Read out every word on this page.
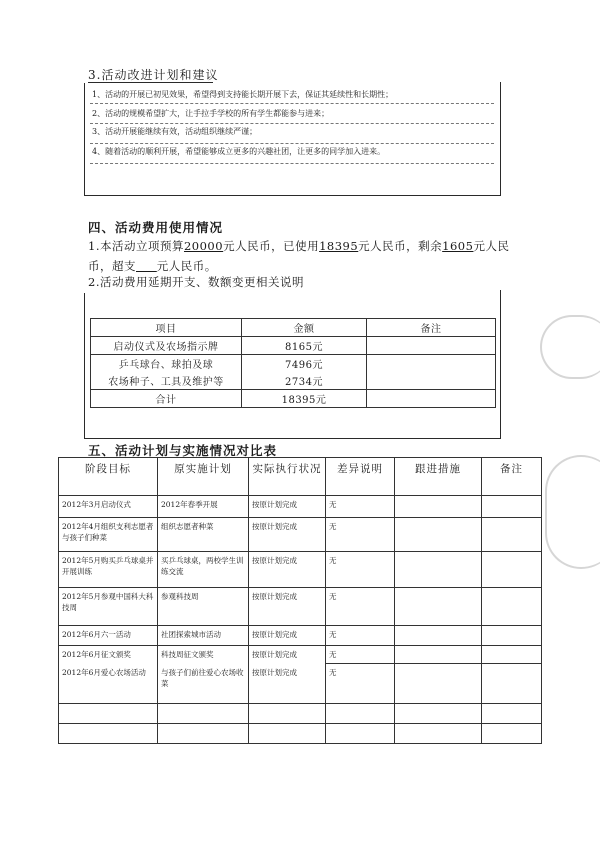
3.活动改进计划和建议
1、活动的开展已初见效果，希望得到支持能长期开展下去，保证其延续性和长期性；
2、活动的规模希望扩大，让手拉手学校的所有学生都能参与进来；
3、活动开展能继续有效，活动组织继续严谨；
4、随着活动的顺利开展，希望能够成立更多的兴趣社团，让更多的同学加入进来。
四、活动费用使用情况
1.本活动立项预算20000元人民币，已使用18395元人民币，剩余1605元人民币，超支 元人民币。
2.活动费用延期开支、数额变更相关说明
项目	金额	备注
启动仪式及农场指示牌	8165元	
乒乓球台、球拍及球	7496元	
农场种子、工具及维护等	2734元	
合计	18395元	
五、活动计划与实施情况对比表
阶段目标	原实施计划	实际执行状况	差异说明	跟进措施	备注
2012年3月启动仪式	2012年春季开展	按原计划完成	无		
2012年4月组织支利志愿者与孩子们种菜	组织志愿者种菜	按原计划完成	无		
2012年5月购买乒乓球桌并开展训练	买乒乓球桌，两校学生训练交流	按原计划完成	无		
2012年5月参观中国科大科技周	参观科技周	按原计划完成	无		
2012年6月六一活动	社团探索城市活动	按原计划完成	无		
2012年6月征文颁奖	科技周征文颁奖	按原计划完成	无		
2012年6月爱心农场活动	与孩子们前往爱心农场收菜	按原计划完成	无		
